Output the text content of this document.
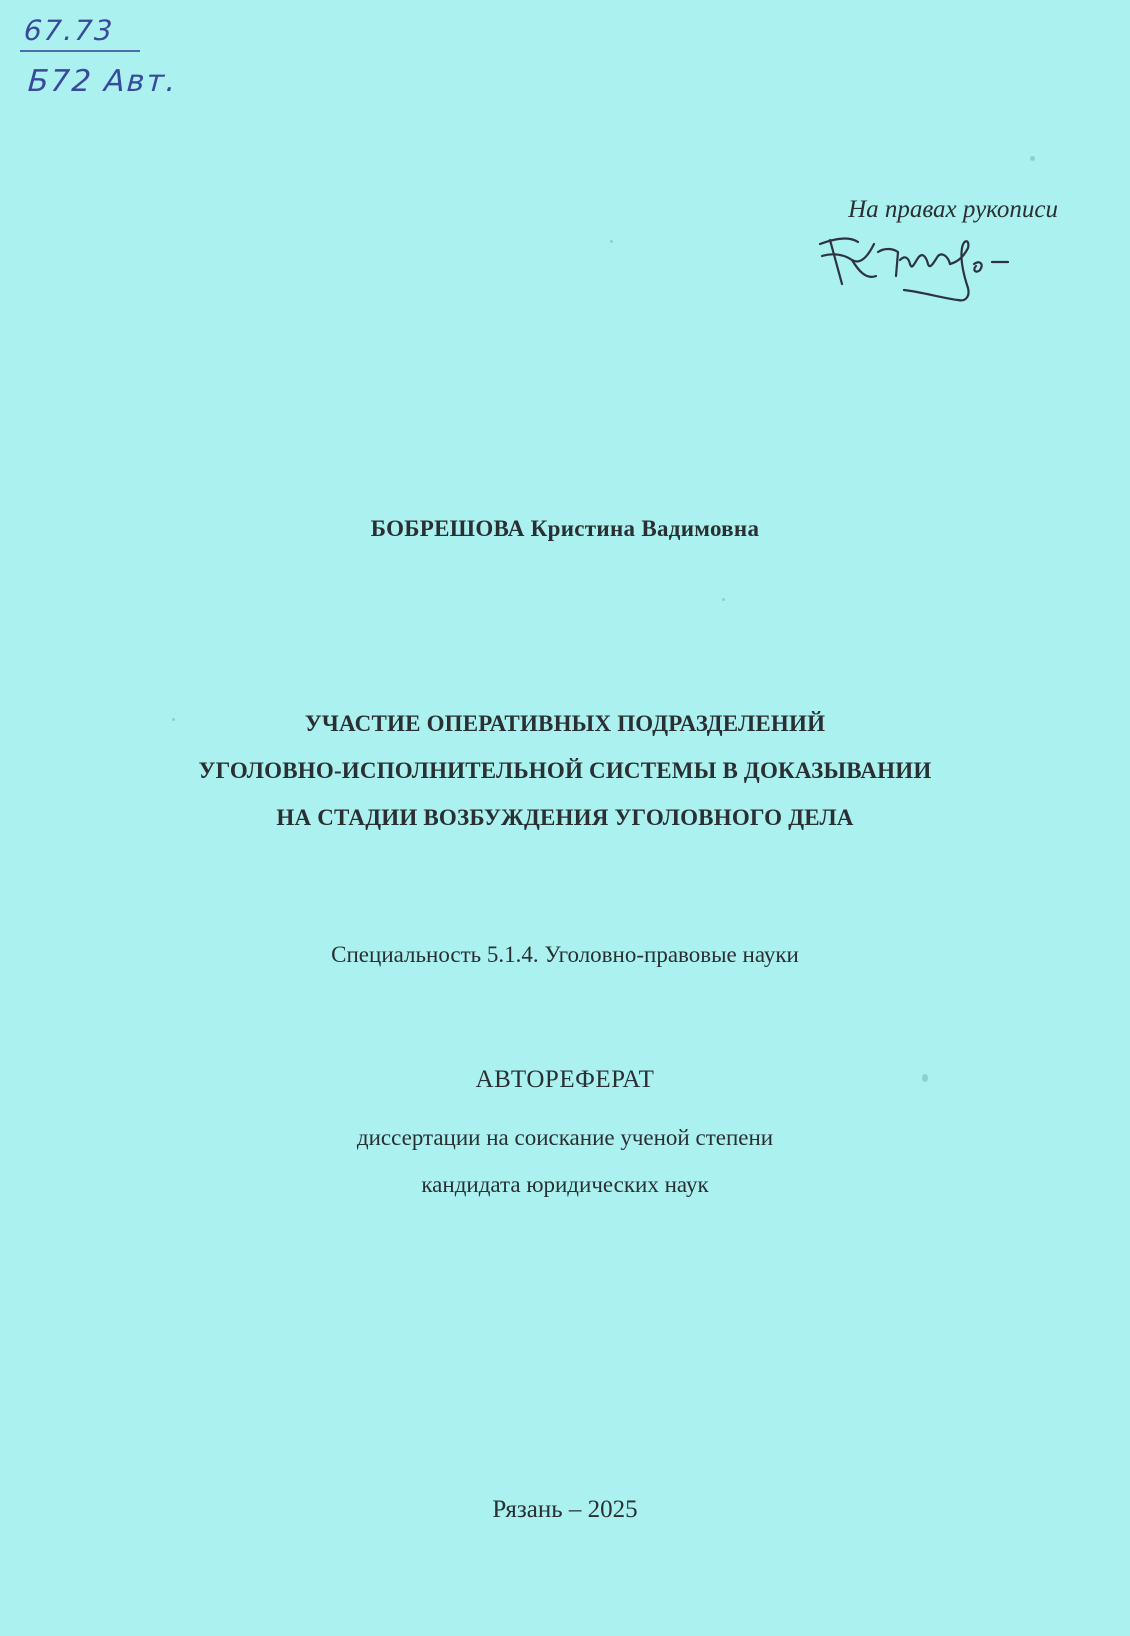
67.73
Б72 Авт.
На правах рукописи
БОБРЕШОВА Кристина Вадимовна
УЧАСТИЕ ОПЕРАТИВНЫХ ПОДРАЗДЕЛЕНИЙ
УГОЛОВНО-ИСПОЛНИТЕЛЬНОЙ СИСТЕМЫ В ДОКАЗЫВАНИИ
НА СТАДИИ ВОЗБУЖДЕНИЯ УГОЛОВНОГО ДЕЛА
Специальность 5.1.4. Уголовно-правовые науки
АВТОРЕФЕРАТ
диссертации на соискание ученой степени
кандидата юридических наук
Рязань – 2025
